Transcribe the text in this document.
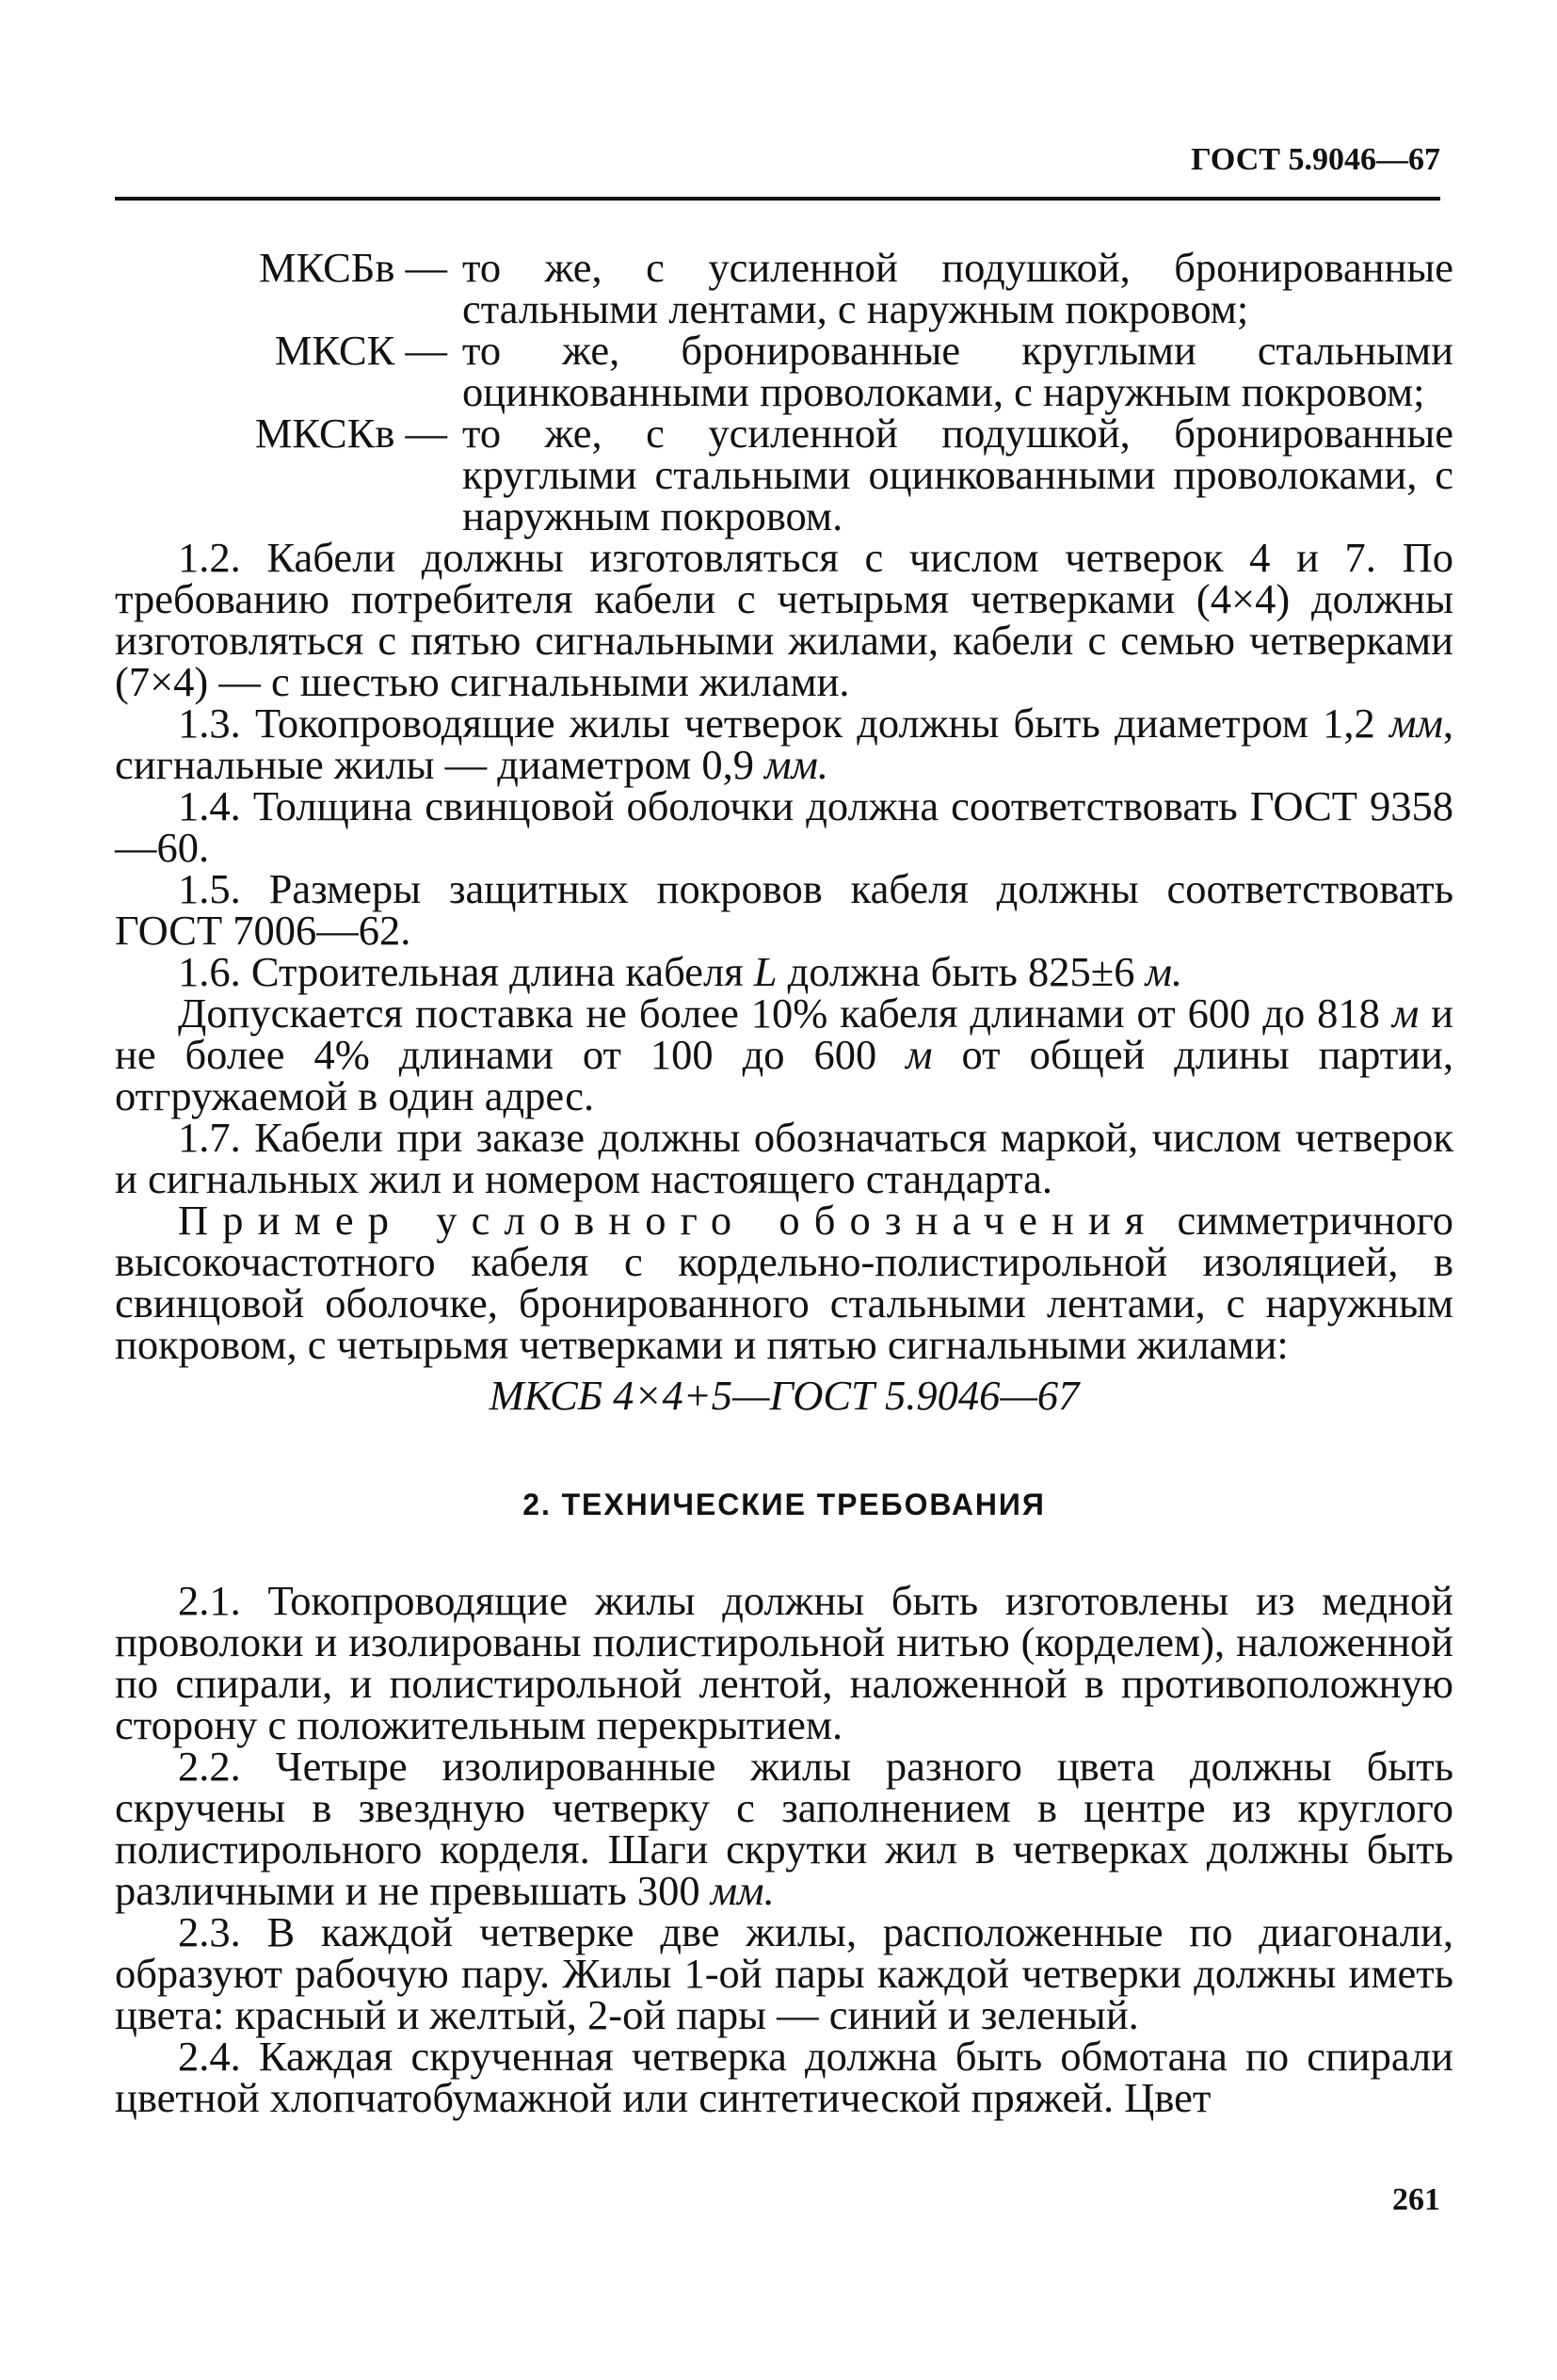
ГОСТ 5.9046—67
МКСБв — то же, с усиленной подушкой, бронированные стальными лентами, с наружным покровом;
МКСК — то же, бронированные круглыми стальными оцинкованными проволоками, с наружным покровом;
МКСКв — то же, с усиленной подушкой, бронированные круглыми стальными оцинкованными проволоками, с наружным покровом.

1.2. Кабели должны изготовляться с числом четверок 4 и 7. По требованию потребителя кабели с четырьмя четверками (4×4) должны изготовляться с пятью сигнальными жилами, кабели с семью четверками (7×4) — с шестью сигнальными жилами.

1.3. Токопроводящие жилы четверок должны быть диаметром 1,2 мм, сигнальные жилы — диаметром 0,9 мм.

1.4. Толщина свинцовой оболочки должна соответствовать ГОСТ 9358—60.

1.5. Размеры защитных покровов кабеля должны соответствовать ГОСТ 7006—62.

1.6. Строительная длина кабеля L должна быть 825±6 м.

Допускается поставка не более 10% кабеля длинами от 600 до 818 м и не более 4% длинами от 100 до 600 м от общей длины партии, отгружаемой в один адрес.

1.7. Кабели при заказе должны обозначаться маркой, числом четверок и сигнальных жил и номером настоящего стандарта.

Пример условного обозначения симметричного высокочастотного кабеля с кордельно-полистирольной изоляцией, в свинцовой оболочке, бронированного стальными лентами, с наружным покровом, с четырьмя четверками и пятью сигнальными жилами:

МКСБ 4×4+5—ГОСТ 5.9046—67

2. ТЕХНИЧЕСКИЕ ТРЕБОВАНИЯ

2.1. Токопроводящие жилы должны быть изготовлены из медной проволоки и изолированы полистирольной нитью (корделем), наложенной по спирали, и полистирольной лентой, наложенной в противоположную сторону с положительным перекрытием.

2.2. Четыре изолированные жилы разного цвета должны быть скручены в звездную четверку с заполнением в центре из круглого полистирольного корделя. Шаги скрутки жил в четверках должны быть различными и не превышать 300 мм.

2.3. В каждой четверке две жилы, расположенные по диагонали, образуют рабочую пару. Жилы 1-ой пары каждой четверки должны иметь цвета: красный и желтый, 2-ой пары — синий и зеленый.

2.4. Каждая скрученная четверка должна быть обмотана по спирали цветной хлопчатобумажной или синтетической пряжей. Цвет

261
